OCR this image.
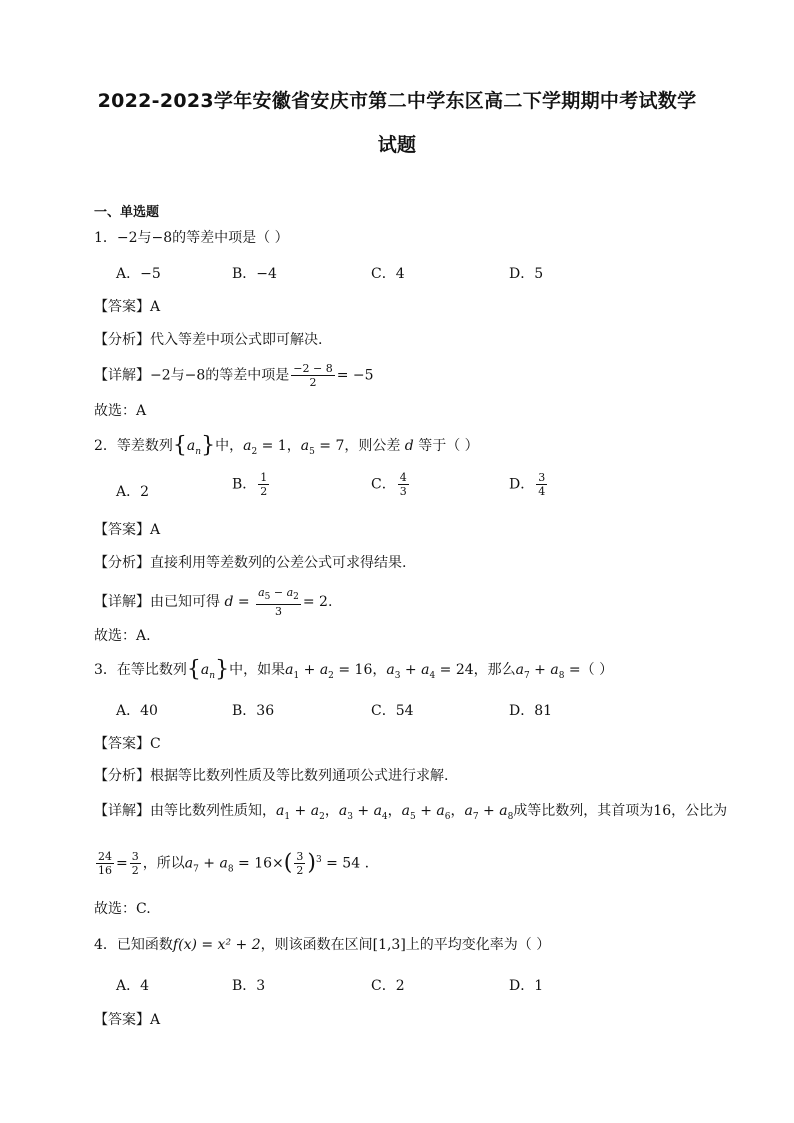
2022-2023学年安徽省安庆市第二中学东区高二下学期期中考试数学
试题
一、单选题
1．−2与−8的等差中项是（ ）
A．−5	B．−4	C．4	D．5
【答案】A
【分析】代入等差中项公式即可解决.
【详解】−2与−8的等差中项是 $\frac{-2 - 8}{2} = -5$
故选：A
2．等差数列$\{a_n\}$中，$a_2 = 1$，$a_5 = 7$，则公差 d 等于（ ）
A．2	B． $\frac{1}{2}$	C． $\frac{4}{3}$	D． $\frac{3}{4}$
【答案】A
【分析】直接利用等差数列的公差公式可求得结果.
【详解】由已知可得 $d = \frac{a_5 - a_2}{3} = 2$.
故选：A.
3．在等比数列$\{a_n\}$中，如果$a_1 + a_2 = 16$，$a_3 + a_4 = 24$，那么$a_7 + a_8$ =（ ）
A．40	B．36	C．54	D．81
【答案】C
【分析】根据等比数列性质及等比数列通项公式进行求解.
【详解】由等比数列性质知，$a_1 + a_2$，$a_3 + a_4$，$a_5 + a_6$，$a_7 + a_8$成等比数列，其首项为16，公比为
$\frac{24}{16} = \frac{3}{2}$ ，所以$a_7 + a_8 = 16\times( \frac{3}{2} )^3 = 54$ .
故选：C.
4．已知函数f(x) = x² + 2，则该函数在区间[1,3]上的平均变化率为（ ）
A．4	B．3	C．2	D．1
【答案】A
